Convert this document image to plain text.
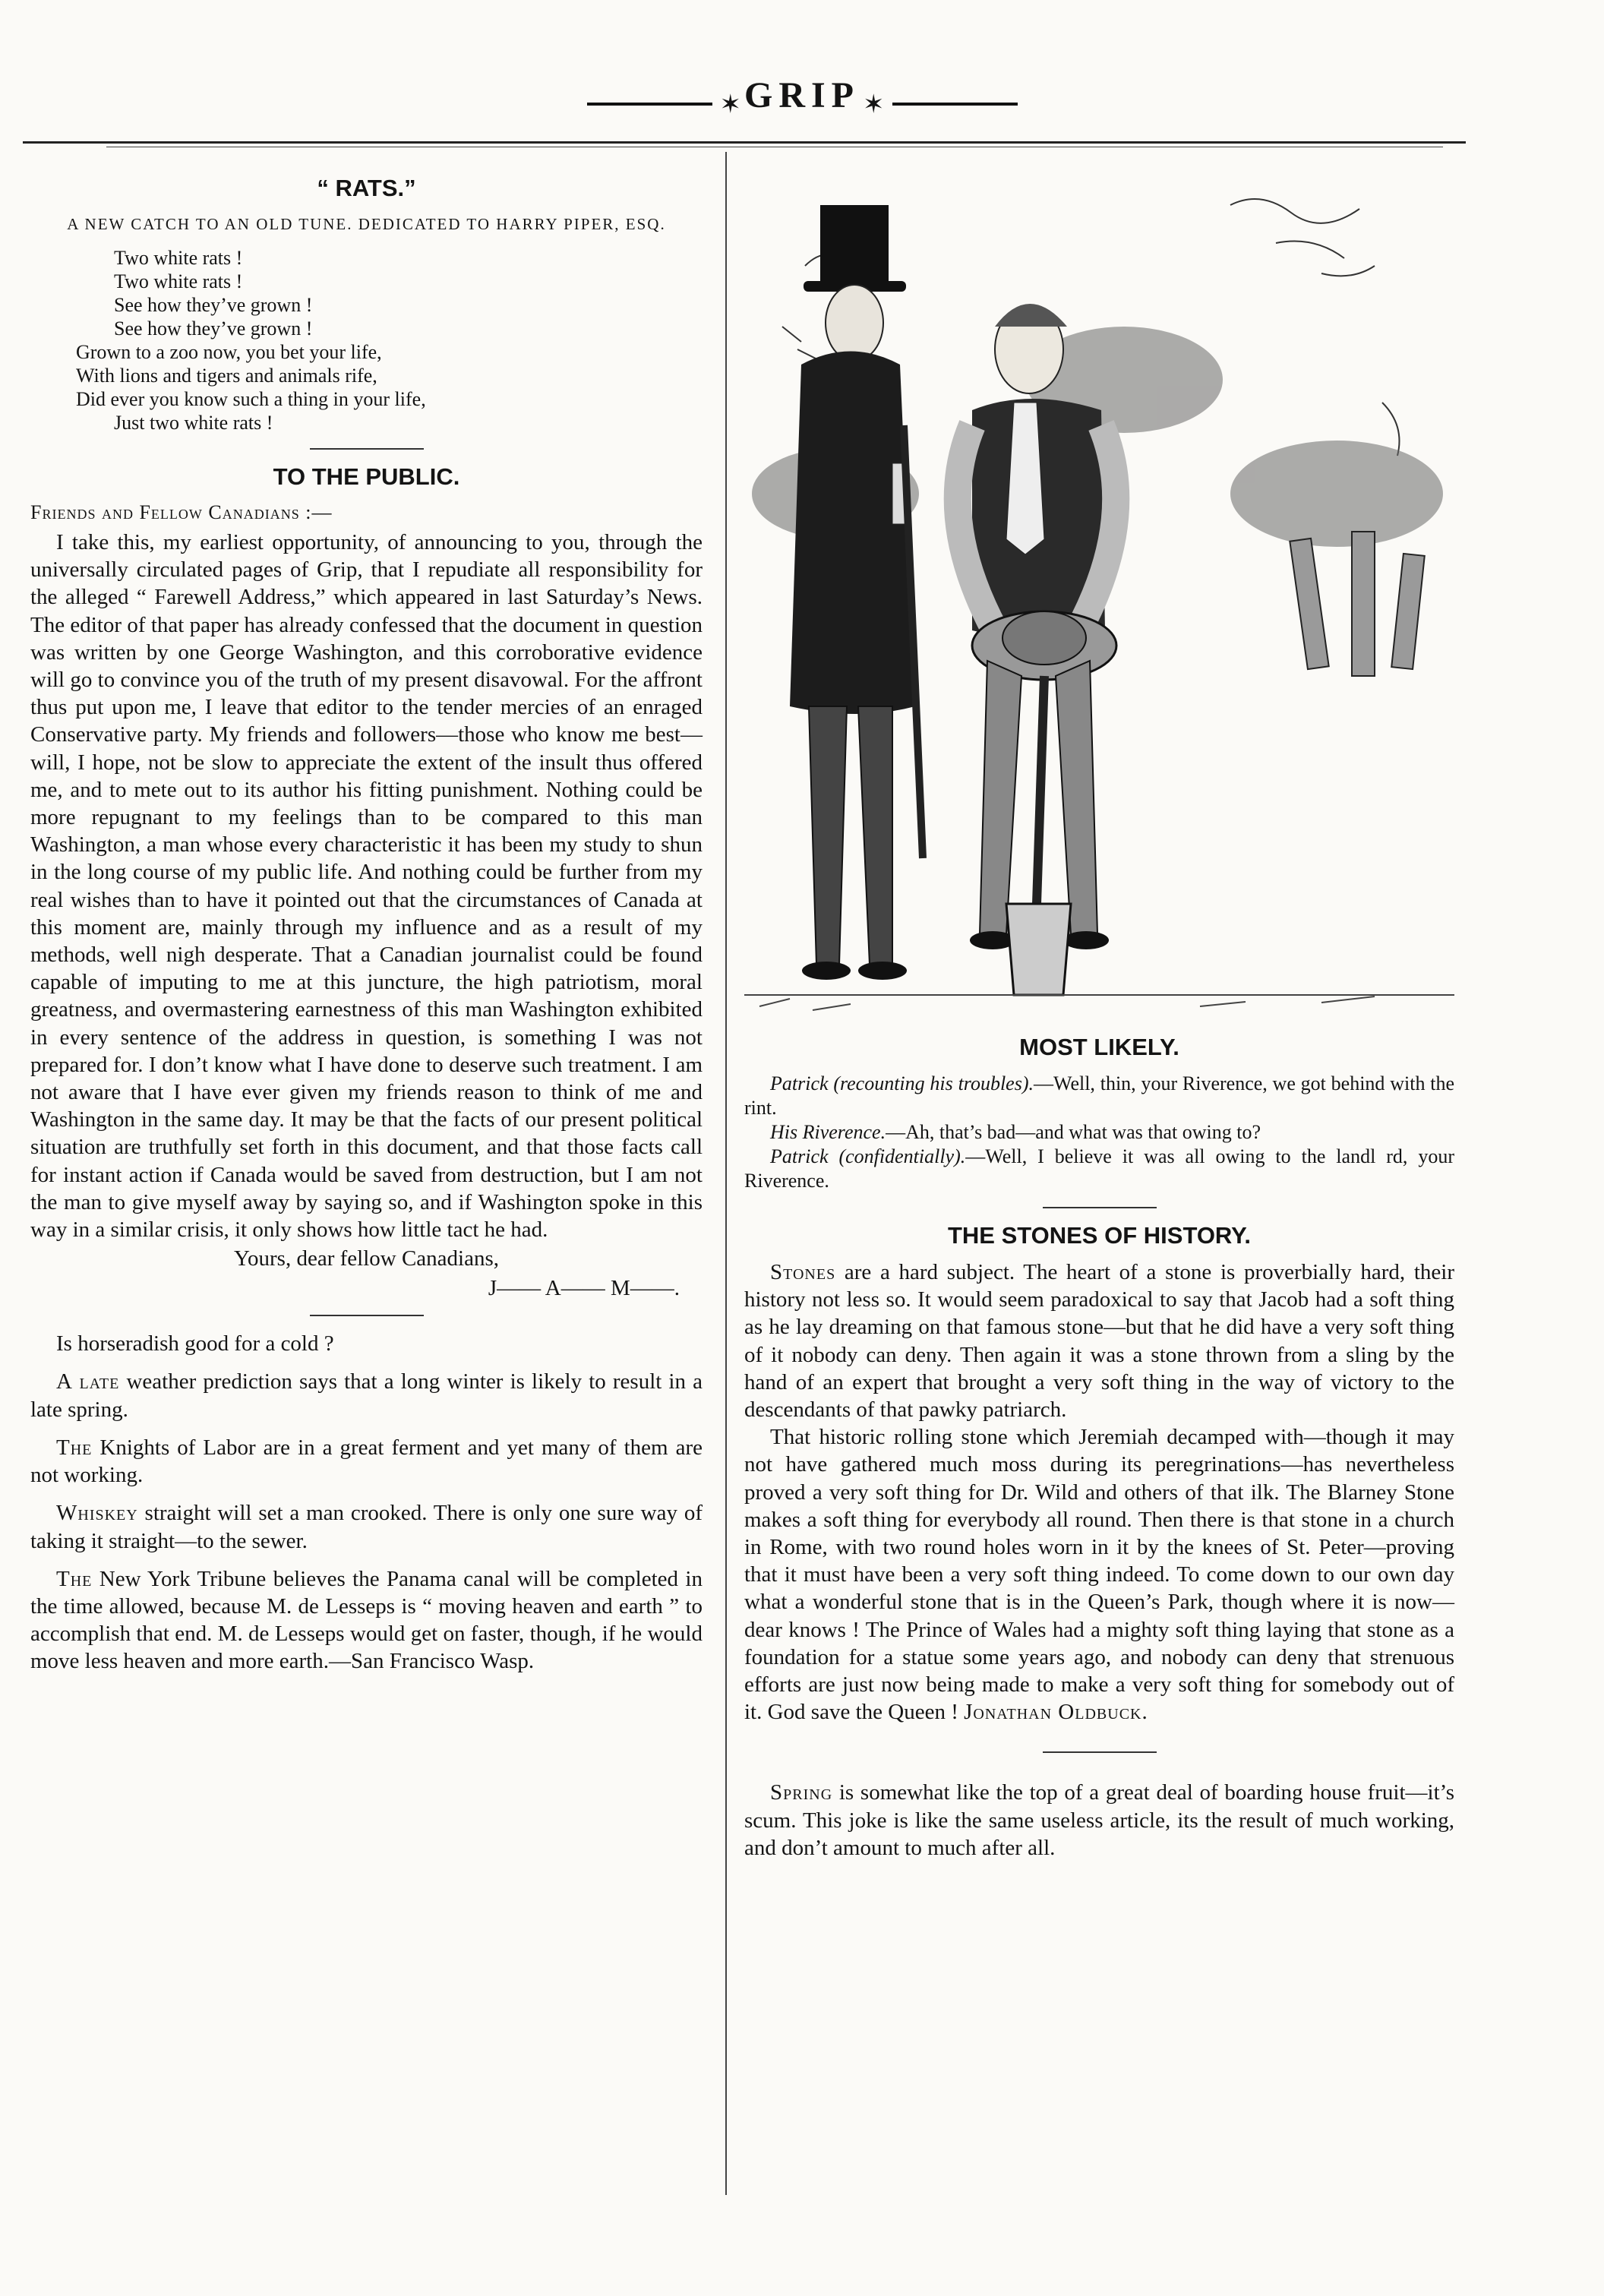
✶ GRIP ✶
“ RATS.”
A NEW CATCH TO AN OLD TUNE. DEDICATED TO HARRY PIPER, ESQ.
Two white rats !
Two white rats !
See how they’ve grown !
See how they’ve grown !
Grown to a zoo now, you bet your life,
With lions and tigers and animals rife,
Did ever you know such a thing in your life,
Just two white rats !
TO THE PUBLIC.
Friends and Fellow Canadians :—

I take this, my earliest opportunity, of announcing to you, through the universally circulated pages of Grip, that I repudiate all responsibility for the alleged “ Farewell Address,” which appeared in last Saturday’s News. The editor of that paper has already confessed that the document in question was written by one George Washington, and this corroborative evidence will go to convince you of the truth of my present disavowal. For the affront thus put upon me, I leave that editor to the tender mercies of an enraged Conservative party. My friends and followers—those who know me best—will, I hope, not be slow to appreciate the extent of the insult thus offered me, and to mete out to its author his fitting punishment. Nothing could be more repugnant to my feelings than to be compared to this man Washington, a man whose every characteristic it has been my study to shun in the long course of my public life. And nothing could be further from my real wishes than to have it pointed out that the circumstances of Canada at this moment are, mainly through my influence and as a result of my methods, well nigh desperate. That a Canadian journalist could be found capable of imputing to me at this juncture, the high patriotism, moral greatness, and overmastering earnestness of this man Washington exhibited in every sentence of the address in question, is something I was not prepared for. I don’t know what I have done to deserve such treatment. I am not aware that I have ever given my friends reason to think of me and Washington in the same day. It may be that the facts of our present political situation are truthfully set forth in this document, and that those facts call for instant action if Canada would be saved from destruction, but I am not the man to give myself away by saying so, and if Washington spoke in this way in a similar crisis, it only shows how little tact he had.

Yours, dear fellow Canadians,
J—— A—— M——.

Is horseradish good for a cold ?

A late weather prediction says that a long winter is likely to result in a late spring.

The Knights of Labor are in a great ferment and yet many of them are not working.

Whiskey straight will set a man crooked. There is only one sure way of taking it straight—to the sewer.

The New York Tribune believes the Panama canal will be completed in the time allowed, because M. de Lesseps is “ moving heaven and earth ” to accomplish that end. M. de Lesseps would get on faster, though, if he would move less heaven and more earth.—San Francisco Wasp.

MOST LIKELY.

Patrick (recounting his troubles).—Well, thin, your Riverence, we got behind with the rint.

His Riverence.—Ah, that’s bad—and what was that owing to?

Patrick (confidentially).—Well, I believe it was all owing to the landl rd, your Riverence.

THE STONES OF HISTORY.

Stones are a hard subject. The heart of a stone is proverbially hard, their history not less so. It would seem paradoxical to say that Jacob had a soft thing as he lay dreaming on that famous stone—but that he did have a very soft thing of it nobody can deny. Then again it was a stone thrown from a sling by the hand of an expert that brought a very soft thing in the way of victory to the descendants of that pawky patriarch.

That historic rolling stone which Jeremiah decamped with—though it may not have gathered much moss during its peregrinations—has nevertheless proved a very soft thing for Dr. Wild and others of that ilk. The Blarney Stone makes a soft thing for everybody all round. Then there is that stone in a church in Rome, with two round holes worn in it by the knees of St. Peter—proving that it must have been a very soft thing indeed. To come down to our own day what a wonderful stone that is in the Queen’s Park, though where it is now—dear knows ! The Prince of Wales had a mighty soft thing laying that stone as a foundation for a statue some years ago, and nobody can deny that strenuous efforts are just now being made to make a very soft thing for somebody out of it. God save the Queen ! Jonathan Oldbuck.

Spring is somewhat like the top of a great deal of boarding house fruit—it’s scum. This joke is like the same useless article, its the result of much working, and don’t amount to much after all.
